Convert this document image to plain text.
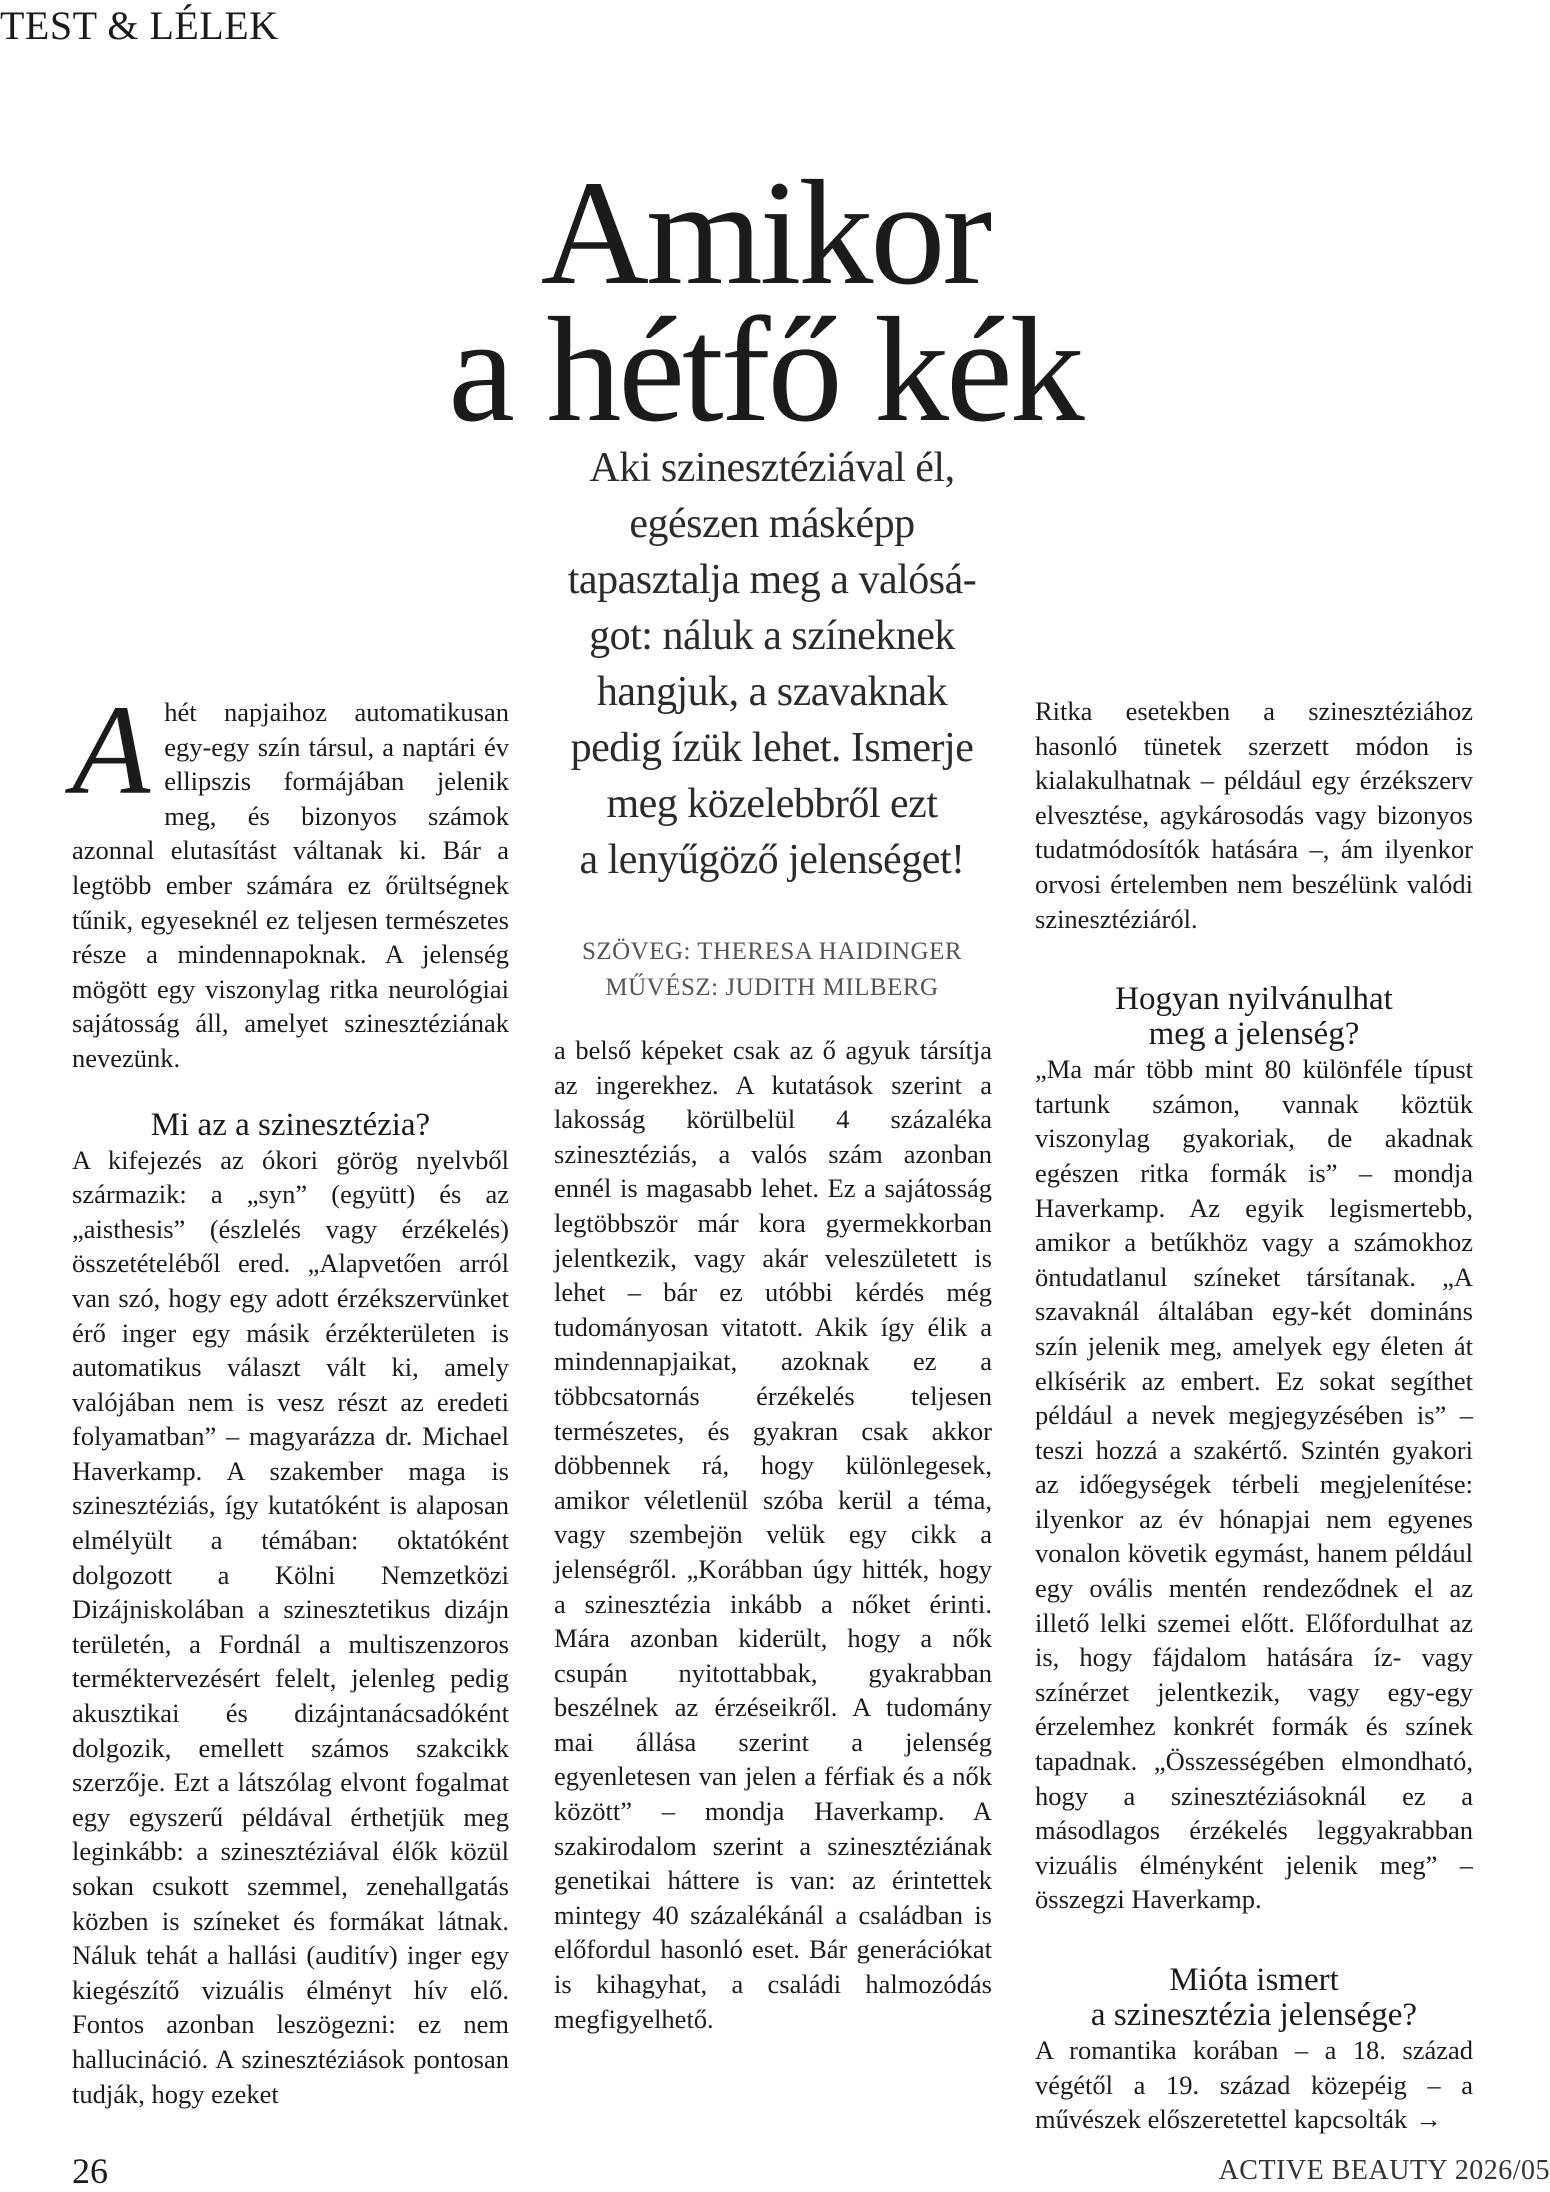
TEST & LÉLEK
Amikor
a hétfő kék
Aki szinesztéziával él,
egészen másképp
tapasztalja meg a valósá-
got: náluk a színeknek
hangjuk, a szavaknak
pedig ízük lehet. Ismerje
meg közelebbről ezt
a lenyűgöző jelenséget!
SZÖVEG: THERESA HAIDINGER
MŰVÉSZ: JUDITH MILBERG

Ahét napjaihoz automatikusan egy-egy szín társul, a naptári év ellipszis formájában jelenik meg, és bizonyos számok azonnal elutasítást váltanak ki. Bár a legtöbb ember számára ez őrültségnek tűnik, egyeseknél ez teljesen természetes része a mindennapoknak. A jelenség mögött egy viszonylag ritka neurológiai sajátosság áll, amelyet szinesztéziának nevezünk.

Mi az a szinesztézia?

A kifejezés az ókori görög nyelvből származik: a „syn” (együtt) és az „aisthesis” (észlelés vagy érzékelés) összetételéből ered. „Alapvetően arról van szó, hogy egy adott érzékszervünket érő inger egy másik érzékterületen is automatikus választ vált ki, amely valójában nem is vesz részt az eredeti folyamatban” – magyarázza dr. Michael Haverkamp. A szakember maga is szinesztéziás, így kutatóként is alaposan elmélyült a témában: oktatóként dolgozott a Kölni Nemzetközi Dizájniskolában a szinesztetikus dizájn területén, a Fordnál a multiszenzoros terméktervezésért felelt, jelenleg pedig akusztikai és dizájntanácsadóként dolgozik, emellett számos szakcikk szerzője. Ezt a látszólag elvont fogalmat egy egyszerű példával érthetjük meg leginkább: a szinesztéziával élők közül sokan csukott szemmel, zenehallgatás közben is színeket és formákat látnak. Náluk tehát a hallási (auditív) inger egy kiegészítő vizuális élményt hív elő. Fontos azonban leszögezni: ez nem hallucináció. A szinesztéziások pontosan tudják, hogy ezeket

a belső képeket csak az ő agyuk társítja az ingerekhez. A kutatások szerint a lakosság körülbelül 4 százaléka szinesztéziás, a valós szám azonban ennél is magasabb lehet. Ez a sajátosság legtöbbször már kora gyermekkorban jelentkezik, vagy akár veleszületett is lehet – bár ez utóbbi kérdés még tudományosan vitatott. Akik így élik a mindennapjaikat, azoknak ez a többcsatornás érzékelés teljesen természetes, és gyakran csak akkor döbbennek rá, hogy különlegesek, amikor véletlenül szóba kerül a téma, vagy szembejön velük egy cikk a jelenségről. „Korábban úgy hitték, hogy a szinesztézia inkább a nőket érinti. Mára azonban kiderült, hogy a nők csupán nyitottabbak, gyakrabban beszélnek az érzéseikről. A tudomány mai állása szerint a jelenség egyenletesen van jelen a férfiak és a nők között” – mondja Haverkamp. A szakirodalom szerint a szinesztéziának genetikai háttere is van: az érintettek mintegy 40 százalékánál a családban is előfordul hasonló eset. Bár generációkat is kihagyhat, a családi halmozódás megfigyelhető.

Ritka esetekben a szinesztéziához hasonló tünetek szerzett módon is kialakulhatnak – például egy érzékszerv elvesztése, agykárosodás vagy bizonyos tudatmódosítók hatására –, ám ilyenkor orvosi értelemben nem beszélünk valódi szinesztéziáról.

Hogyan nyilvánulhat
meg a jelenség?

„Ma már több mint 80 különféle típust tartunk számon, vannak köztük viszonylag gyakoriak, de akadnak egészen ritka formák is” – mondja Haverkamp. Az egyik legismertebb, amikor a betűkhöz vagy a számokhoz öntudatlanul színeket társítanak. „A szavaknál általában egy-két domináns szín jelenik meg, amelyek egy életen át elkísérik az embert. Ez sokat segíthet például a nevek megjegyzésében is” – teszi hozzá a szakértő. Szintén gyakori az időegységek térbeli megjelenítése: ilyenkor az év hónapjai nem egyenes vonalon követik egymást, hanem például egy ovális mentén rendeződnek el az illető lelki szemei előtt. Előfordulhat az is, hogy fájdalom hatására íz- vagy színérzet jelentkezik, vagy egy-egy érzelemhez konkrét formák és színek tapadnak. „Összességében elmondható, hogy a szinesztéziásoknál ez a másodlagos érzékelés leggyakrabban vizuális élményként jelenik meg” – összegzi Haverkamp.

Mióta ismert
a szinesztézia jelensége?

A romantika korában – a 18. század végétől a 19. század közepéig – a művészek előszeretettel kapcsolták →

26	ACTIVE BEAUTY 2026/05
